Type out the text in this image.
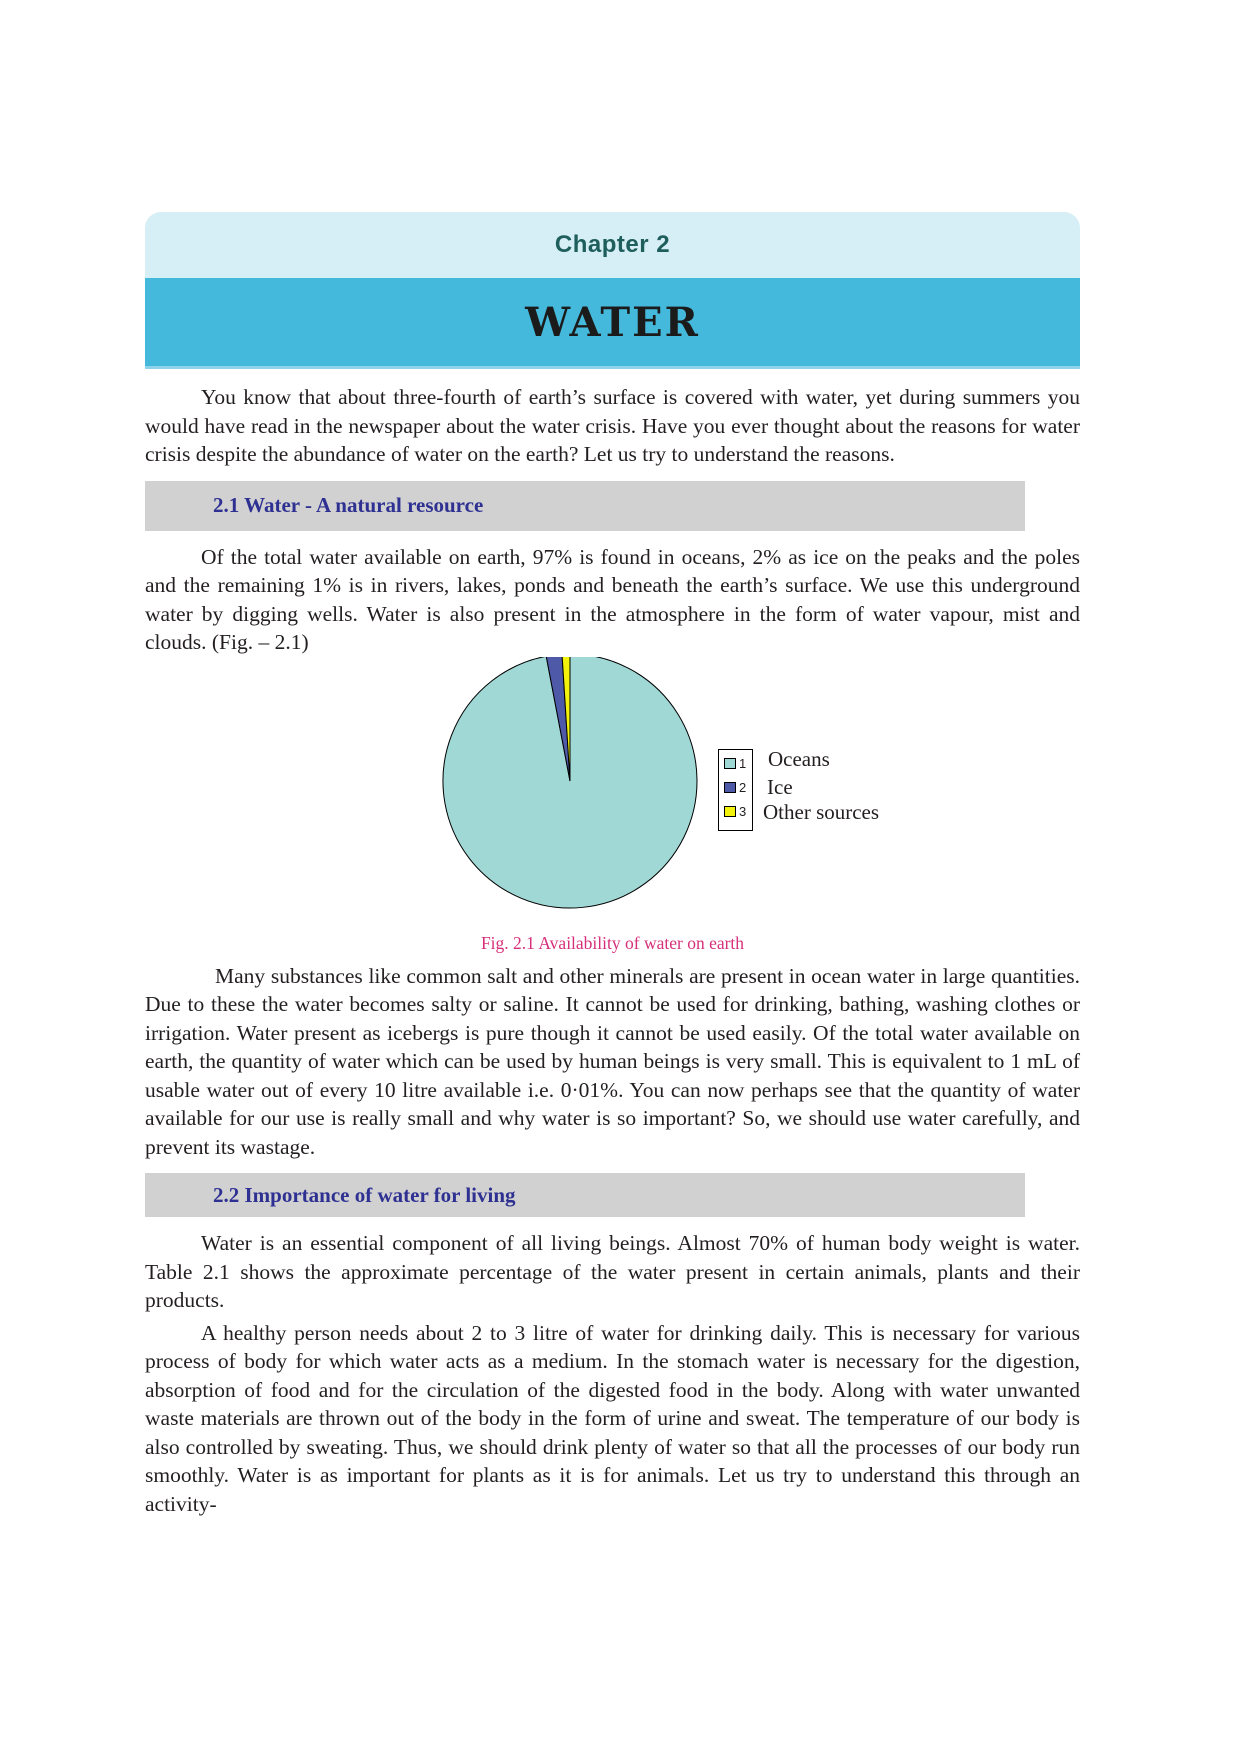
Chapter 2
WATER

You know that about three-fourth of earth’s surface is covered with water, yet during summers you would have read in the newspaper about the water crisis. Have you ever thought about the reasons for water crisis despite the abundance of water on the earth? Let us try to understand the reasons.

2.1 Water - A natural resource

Of the total water available on earth, 97% is found in oceans, 2% as ice on the peaks and the poles and the remaining 1% is in rivers, lakes, ponds and beneath the earth’s surface. We use this underground water by digging wells. Water is also present in the atmosphere in the form of water vapour, mist and clouds. (Fig. – 2.1)

1
2
3
Oceans
Ice
Other sources
Fig. 2.1 Availability of water on earth

Many substances like common salt and other minerals are present in ocean water in large quantities. Due to these the water becomes salty or saline. It cannot be used for drinking, bathing, washing clothes or irrigation. Water present as icebergs is pure though it cannot be used easily. Of the total water available on earth, the quantity of water which can be used by human beings is very small. This is equivalent to 1 mL of usable water out of every 10 litre available i.e. 0·01%. You can now perhaps see that the quantity of water available for our use is really small and why water is so important? So, we should use water carefully, and prevent its wastage.

2.2 Importance of water for living

Water is an essential component of all living beings. Almost 70% of human body weight is water. Table 2.1 shows the approximate percentage of the water present in certain animals, plants and their products.

A healthy person needs about 2 to 3 litre of water for drinking daily. This is necessary for various process of body for which water acts as a medium. In the stomach water is necessary for the digestion, absorption of food and for the circulation of the digested food in the body. Along with water unwanted waste materials are thrown out of the body in the form of urine and sweat. The temperature of our body is also controlled by sweating. Thus, we should drink plenty of water so that all the processes of our body run smoothly. Water is as important for plants as it is for animals. Let us try to understand this through an activity-
